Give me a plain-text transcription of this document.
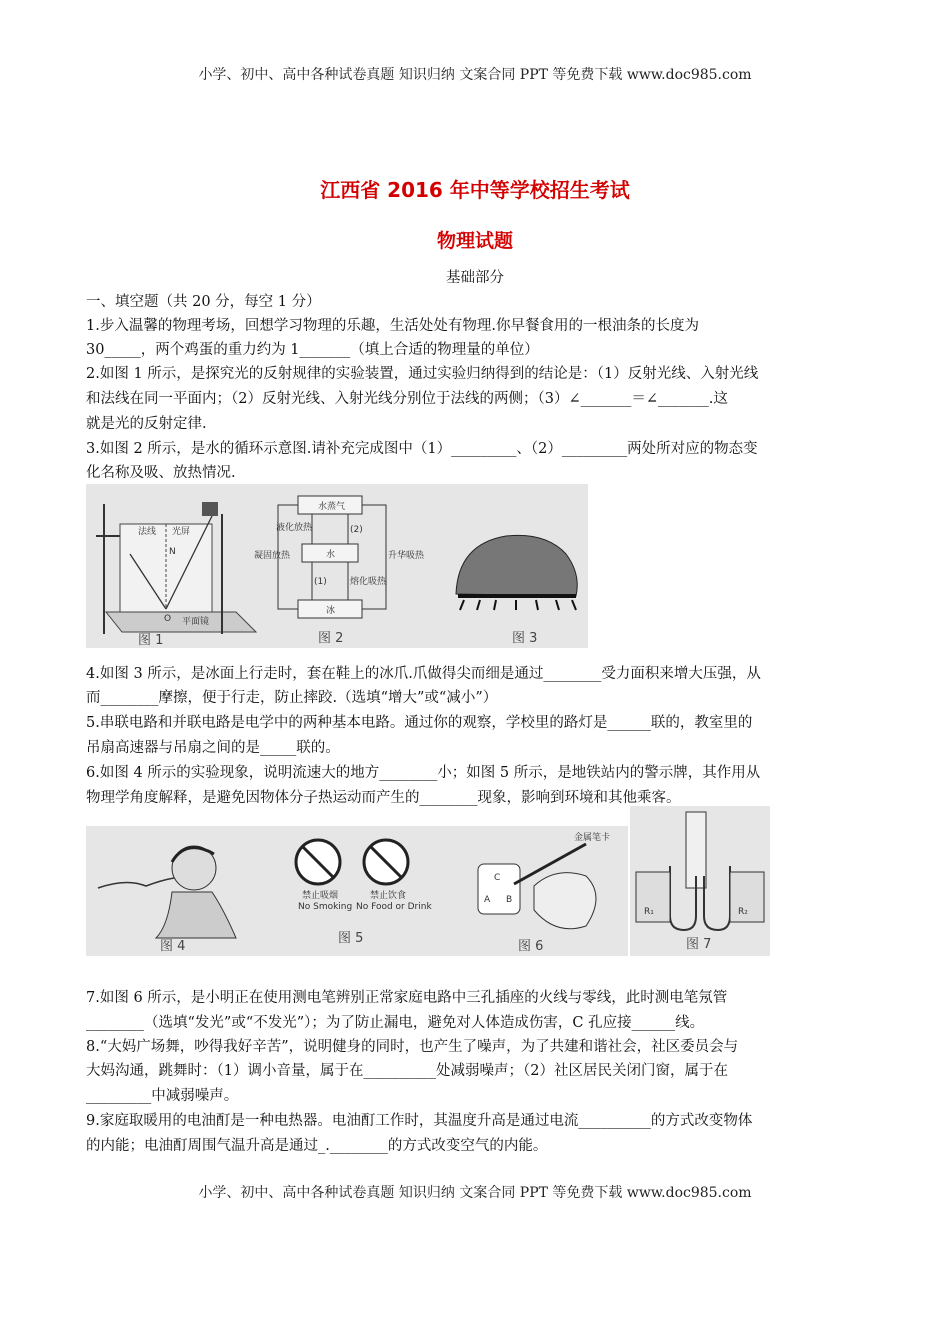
小学、初中、高中各种试卷真题 知识归纳 文案合同 PPT 等免费下载 www.doc985.com
江西省 2016 年中等学校招生考试
物理试题
基础部分
一、填空题（共 20 分，每空 1 分）
1.步入温馨的物理考场，回想学习物理的乐趣，生活处处有物理.你早餐食用的一根油条的长度为
30_____，两个鸡蛋的重力约为 1_______（填上合适的物理量的单位）
2.如图 1 所示，是探究光的反射规律的实验装置，通过实验归纳得到的结论是：（1）反射光线、入射光线
和法线在同一平面内；（2）反射光线、入射光线分别位于法线的两侧；（3）∠_______＝∠_______.这
就是光的反射定律.
3.如图 2 所示，是水的循环示意图.请补充完成图中（1）_________、（2）_________两处所对应的物态变
化名称及吸、放热情况.
法线 光屏
N
O 平面镜
图 1
水蒸气
水
冰
液化放热	(2)
凝固放热
(1)
升华吸热
熔化吸热
图 2	图 3
4.如图 3 所示，是冰面上行走时，套在鞋上的冰爪.爪做得尖而细是通过________受力面积来增大压强，从
而________摩擦，便于行走，防止摔跤.（选填“增大”或“减小”）
5.串联电路和并联电路是电学中的两种基本电路。通过你的观察，学校里的路灯是______联的，教室里的
吊扇高速器与吊扇之间的是_____联的。
6.如图 4 所示的实验现象，说明流速大的地方________小；如图 5 所示，是地铁站内的警示牌，其作用从
物理学角度解释，是避免因物体分子热运动而产生的________现象，影响到环境和其他乘客。
图 4
禁止吸烟
No Smoking
禁止饮食
No Food or Drink
图 5
C
A B
金属笔卡
图 6
R₁	R₂
图 7
7.如图 6 所示，是小明正在使用测电笔辨别正常家庭电路中三孔插座的火线与零线，此时测电笔氖管
________（选填“发光”或“不发光”）；为了防止漏电，避免对人体造成伤害，C 孔应接______线。
8.“大妈广场舞，吵得我好辛苦”，说明健身的同时，也产生了噪声，为了共建和谐社会，社区委员会与
大妈沟通，跳舞时：（1）调小音量，属于在__________处减弱噪声；（2）社区居民关闭门窗，属于在
_________中减弱噪声。
9.家庭取暖用的电油酊是一种电热器。电油酊工作时，其温度升高是通过电流__________的方式改变物体
的内能；电油酊周围气温升高是通过_.________的方式改变空气的内能。
小学、初中、高中各种试卷真题 知识归纳 文案合同 PPT 等免费下载 www.doc985.com
